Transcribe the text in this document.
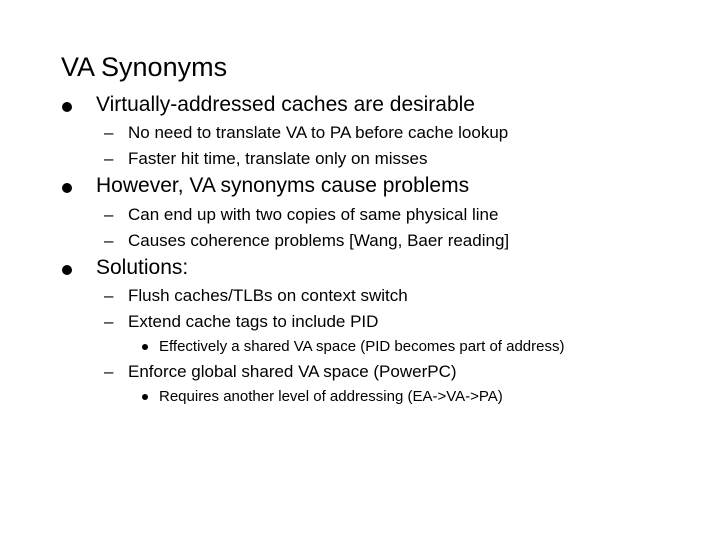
VA Synonyms
Virtually-addressed caches are desirable
– No need to translate VA to PA before cache lookup
– Faster hit time, translate only on misses
However, VA synonyms cause problems
– Can end up with two copies of same physical line
– Causes coherence problems [Wang, Baer reading]
Solutions:
– Flush caches/TLBs on context switch
– Extend cache tags to include PID
Effectively a shared VA space (PID becomes part of address)
– Enforce global shared VA space (PowerPC)
Requires another level of addressing (EA->VA->PA)
